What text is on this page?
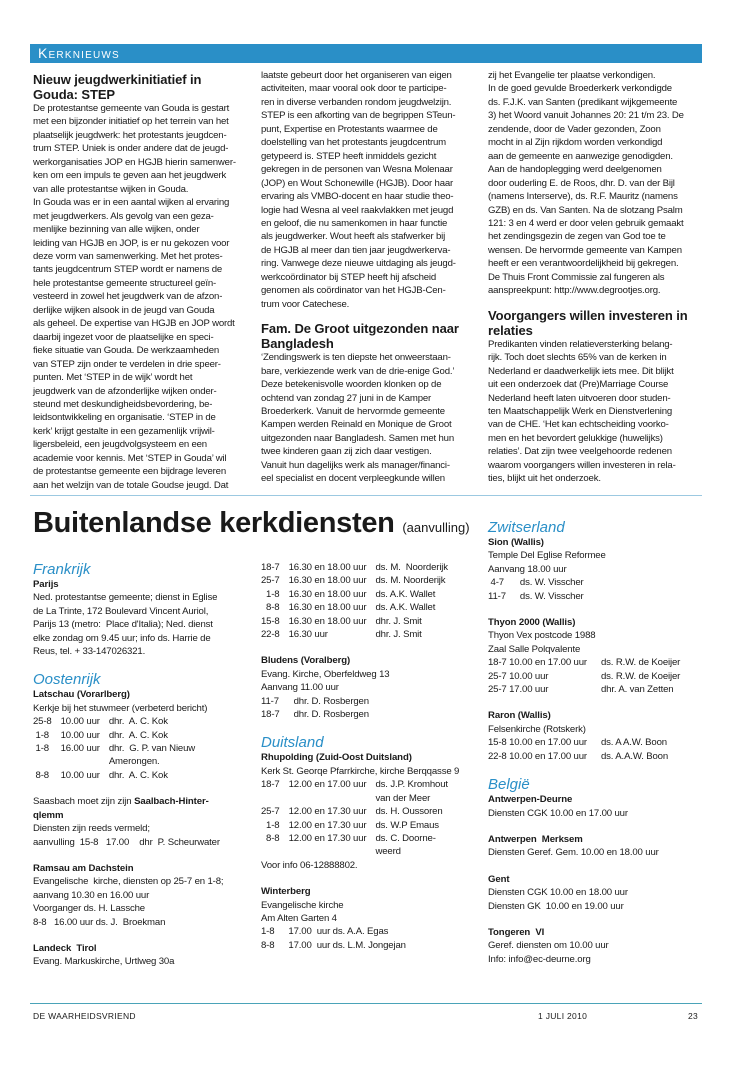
Kerknieuws

Nieuw jeugdwerkinitiatief in
Gouda: STEP

De protestantse gemeente van Gouda is gestart
met een bijzonder initiatief op het terrein van het
plaatselijk jeugdwerk: het protestants jeugdcen-
trum STEP. Uniek is onder andere dat de jeugd-
werkorganisaties JOP en HGJB hierin samenwer-
ken om een impuls te geven aan het jeugdwerk
van alle protestantse wijken in Gouda.
In Gouda was er in een aantal wijken al ervaring
met jeugdwerkers. Als gevolg van een geza-
menlijke bezinning van alle wijken, onder
leiding van HGJB en JOP, is er nu gekozen voor
deze vorm van samenwerking. Met het protes-
tants jeugdcentrum STEP wordt er namens de
hele protestantse gemeente structureel geïn-
vesteerd in zowel het jeugdwerk van de afzon-
derlijke wijken alsook in de jeugd van Gouda
als geheel. De expertise van HGJB en JOP wordt
daarbij ingezet voor de plaatselijke en speci-
fieke situatie van Gouda. De werkzaamheden
van STEP zijn onder te verdelen in drie speer-
punten. Met ‘STEP in de wijk’ wordt het
jeugdwerk van de afzonderlijke wijken onder-
steund met deskundigheidsbevordering, be-
leidsontwikkeling en organisatie. ‘STEP in de
kerk’ krijgt gestalte in een gezamenlijk vrijwil-
ligersbeleid, een jeugdvolgsysteem en een
academie voor kennis. Met ‘STEP in Gouda’ wil
de protestantse gemeente een bijdrage leveren
aan het welzijn van de totale Goudse jeugd. Dat

laatste gebeurt door het organiseren van eigen
activiteiten, maar vooral ook door te participe-
ren in diverse verbanden rondom jeugdwelzijn.
STEP is een afkorting van de begrippen STeun-
punt, Expertise en Protestants waarmee de
doelstelling van het protestants jeugdcentrum
getypeerd is. STEP heeft inmiddels gezicht
gekregen in de personen van Wesna Molenaar
(JOP) en Wout Schonewille (HGJB). Door haar
ervaring als VMBO-docent en haar studie theo-
logie had Wesna al veel raakvlakken met jeugd
en geloof, die nu samenkomen in haar functie
als jeugdwerker. Wout heeft als stafwerker bij
de HGJB al meer dan tien jaar jeugdwerkerva-
ring. Vanwege deze nieuwe uitdaging als jeugd-
werkcoördinator bij STEP heeft hij afscheid
genomen als coördinator van het HGJB-Cen-
trum voor Catechese.

Fam. De Groot uitgezonden naar
Bangladesh

‘Zendingswerk is ten diepste het onweerstaan-
bare, verkiezende werk van de drie-enige God.’
Deze betekenisvolle woorden klonken op de
ochtend van zondag 27 juni in de Kamper
Broederkerk. Vanuit de hervormde gemeente
Kampen werden Reinald en Monique de Groot
uitgezonden naar Bangladesh. Samen met hun
twee kinderen gaan zij zich daar vestigen.
Vanuit hun dagelijks werk als manager/financi-
eel specialist en docent verpleegkunde willen

zij het Evangelie ter plaatse verkondigen.
In de goed gevulde Broederkerk verkondigde
ds. F.J.K. van Santen (predikant wijkgemeente
3) het Woord vanuit Johannes 20: 21 t/m 23. De
zendende, door de Vader gezonden, Zoon
mocht in al Zijn rijkdom worden verkondigd
aan de gemeente en aanwezige genodigden.
Aan de handoplegging werd deelgenomen
door ouderling E. de Roos, dhr. D. van der Bijl
(namens Interserve), ds. R.F. Mauritz (namens
GZB) en ds. Van Santen. Na de slotzang Psalm
121: 3 en 4 werd er door velen gebruik gemaakt
het zendingsgezin de zegen van God toe te
wensen. De hervormde gemeente van Kampen
heeft er een verantwoordelijkheid bij gekregen.
De Thuis Front Commissie zal fungeren als
aanspreekpunt: http://www.degrootjes.org.

Voorgangers willen investeren in
relaties

Predikanten vinden relatieversterking belang-
rijk. Toch doet slechts 65% van de kerken in
Nederland er daadwerkelijk iets mee. Dit blijkt
uit een onderzoek dat (Pre)Marriage Course
Nederland heeft laten uitvoeren door studen-
ten Maatschappelijk Werk en Dienstverlening
van de CHE. ‘Het kan echtscheiding voorko-
men en het bevordert gelukkige (huwelijks)
relaties’. Dat zijn twee veelgehoorde redenen
waarom voorgangers willen investeren in rela-
ties, blijkt uit het onderzoek.

Buitenlandse kerkdiensten (aanvulling)

Frankrijk

Parijs
Ned. protestantse gemeente; dienst in Eglise
de La Trinte, 172 Boulevard Vincent Auriol,
Parijs 13 (metro:  Place d'Italia); Ned. dienst
elke zondag om 9.45 uur; info ds. Harrie de
Reus, tel. + 33-147026321.

Oostenrijk

Latschau (Vorarlberg)
Kerkje bij het stuwmeer (verbeterd bericht)
25-8 10.00 uur dhr.  A. C. Kok
1-8 10.00 uur dhr.  A. C. Kok
1-8 16.00 uur dhr.  G. P. van Nieuw
Amerongen.
8-8 10.00 uur dhr.  A. C. Kok
Saasbach moet zijn zijn Saalbach-Hinter-
qlemm
Diensten zijn reeds vermeld;
aanvulling  15-8   17.00    dhr  P. Scheurwater
Ramsau am Dachstein
Evangelische  kirche, diensten op 25-7 en 1-8;
aanvang 10.30 en 16.00 uur
Voorganger ds. H. Lassche
8-8   16.00 uur ds. J.  Broekman
Landeck  Tirol
Evang. Markuskirche, Urtlweg 30a
18-7 16.30 en 18.00 uur ds. M.  Noorderijk
25-7 16.30 en 18.00 uur ds. M. Noorderijk
1-8 16.30 en 18.00 uur ds. A.K. Wallet
8-8 16.30 en 18.00 uur ds. A.K. Wallet
15-8 16.30 en 18.00 uur dhr. J. Smit
22-8 16.30 uur	dhr. J. Smit
Bludens (Voralberg)
Evang. Kirche, Oberfeldweg 13
Aanvang 11.00 uur
11-7 dhr. D. Rosbergen
18-7 dhr. D. Rosbergen

Duitsland

Rhupolding (Zuid-Oost Duitsland)
Kerk St. Georqe Pfarrkirche, kirche Berqqasse 9
18-7 12.00 en 17.00 uur ds. J.P. Kromhout
van der Meer
25-7 12.00 en 17.30 uur ds. H. Oussoren
1-8 12.00 en 17.30 uur ds. W.P Emaus
8-8 12.00 en 17.30 uur ds. C. Doorne-
weerd
Voor info 06-12888802.
Winterberg
Evangelische kirche
Am Alten Garten 4
1-8 17.00  uur ds. A.A. Egas
8-8 17.00  uur ds. L.M. Jongejan

Zwitserland

Sion (Wallis)
Temple Del Eglise Reformee
Aanvang 18.00 uur
4-7 ds. W. Visscher
11-7 ds. W. Visscher
Thyon 2000 (Wallis)
Thyon Vex postcode 1988
Zaal Salle Polqvalente
18-7 10.00 en 17.00 uur ds. R.W. de Koeijer
25-7 10.00 uur	ds. R.W. de Koeijer
25-7 17.00 uur	dhr. A. van Zetten
Raron (Wallis)
Felsenkirche (Rotskerk)
15-8 10.00 en 17.00 uur ds. A A.W. Boon
22-8 10.00 en 17.00 uur ds. A.A.W. Boon

België

Antwerpen-Deurne
Diensten CGK 10.00 en 17.00 uur
Antwerpen  Merksem
Diensten Geref. Gem. 10.00 en 18.00 uur
Gent
Diensten CGK 10.00 en 18.00 uur
Diensten GK  10.00 en 19.00 uur
Tongeren  VI
Geref. diensten om 10.00 uur
Info: info@ec-deurne.org
DE WAARHEIDSVRIEND	1 JULI 2010	23
